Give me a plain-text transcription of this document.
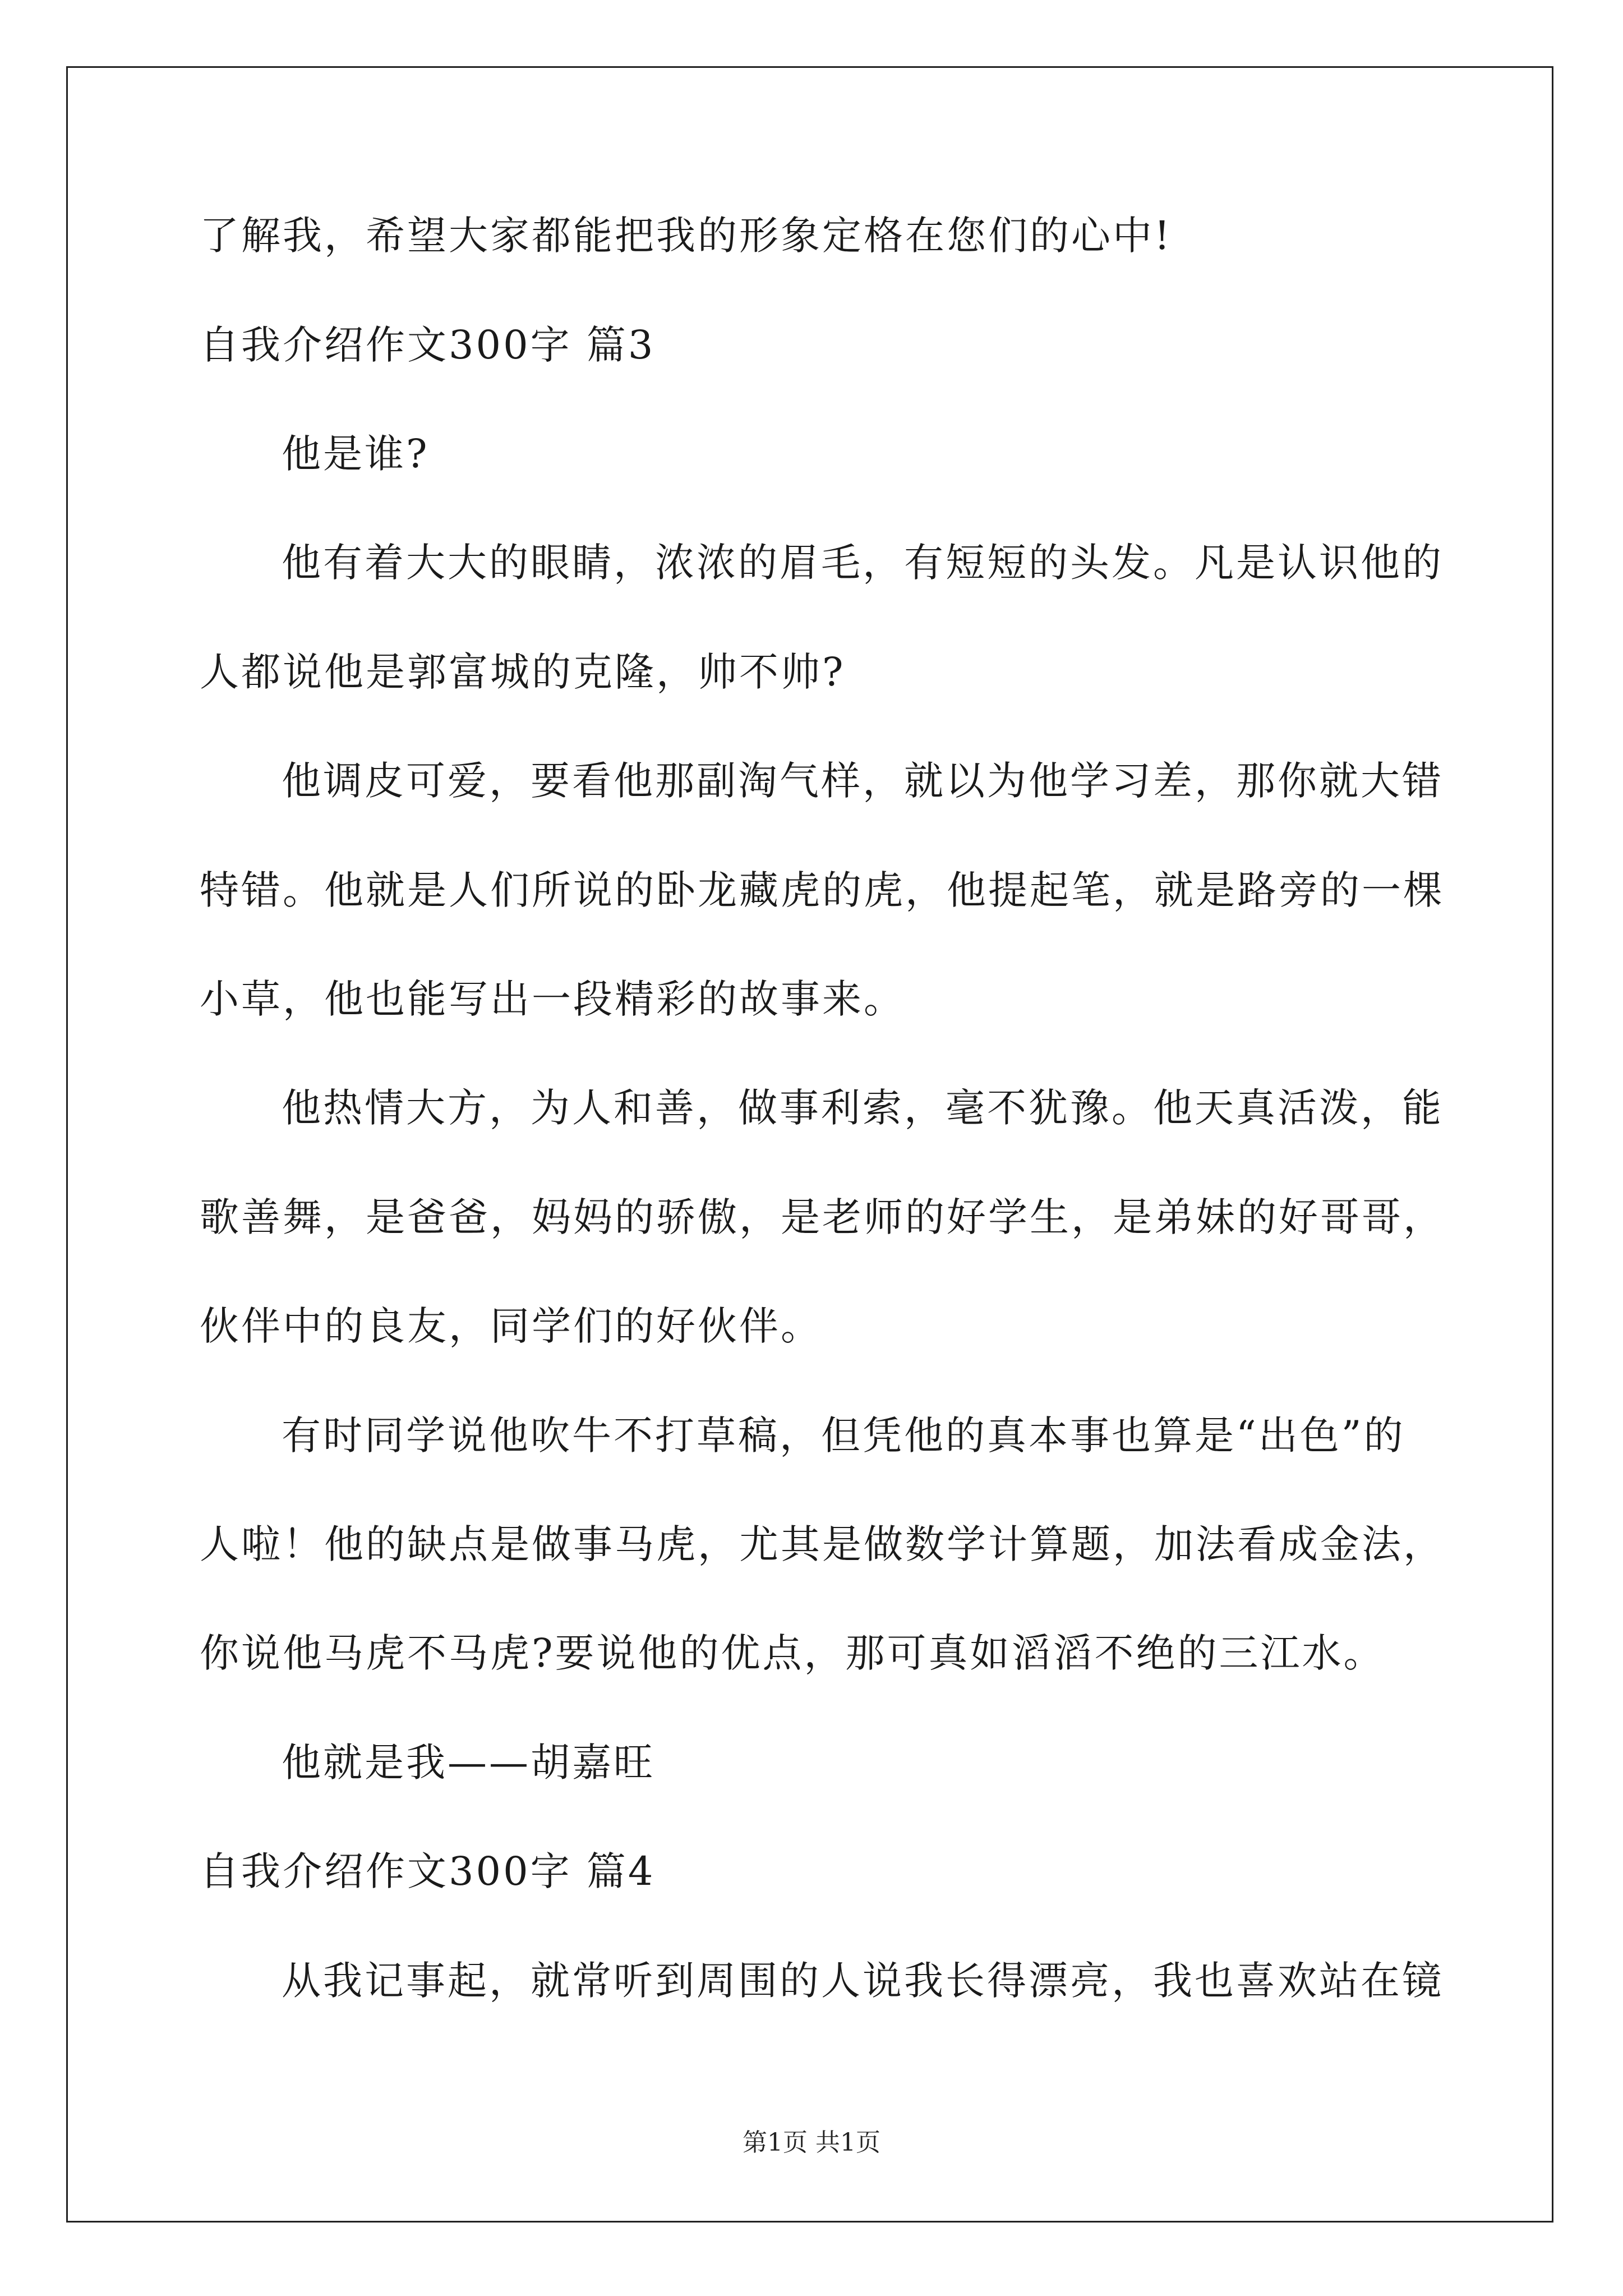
了解我，希望大家都能把我的形象定格在您们的心中!
自我介绍作文300字 篇3
他是谁?
他有着大大的眼睛，浓浓的眉毛，有短短的头发。凡是认识他的
人都说他是郭富城的克隆，帅不帅?
他调皮可爱，要看他那副淘气样，就以为他学习差，那你就大错
特错。他就是人们所说的卧龙藏虎的虎，他提起笔，就是路旁的一棵
小草，他也能写出一段精彩的故事来。
他热情大方，为人和善，做事利索，毫不犹豫。他天真活泼，能
歌善舞，是爸爸，妈妈的骄傲，是老师的好学生，是弟妹的好哥哥，
伙伴中的良友，同学们的好伙伴。
有时同学说他吹牛不打草稿，但凭他的真本事也算是“出色”的
人啦！他的缺点是做事马虎，尤其是做数学计算题，加法看成金法，
你说他马虎不马虎?要说他的优点，那可真如滔滔不绝的三江水。
他就是我——胡嘉旺
自我介绍作文300字 篇4
从我记事起，就常听到周围的人说我长得漂亮，我也喜欢站在镜
第1页 共1页
